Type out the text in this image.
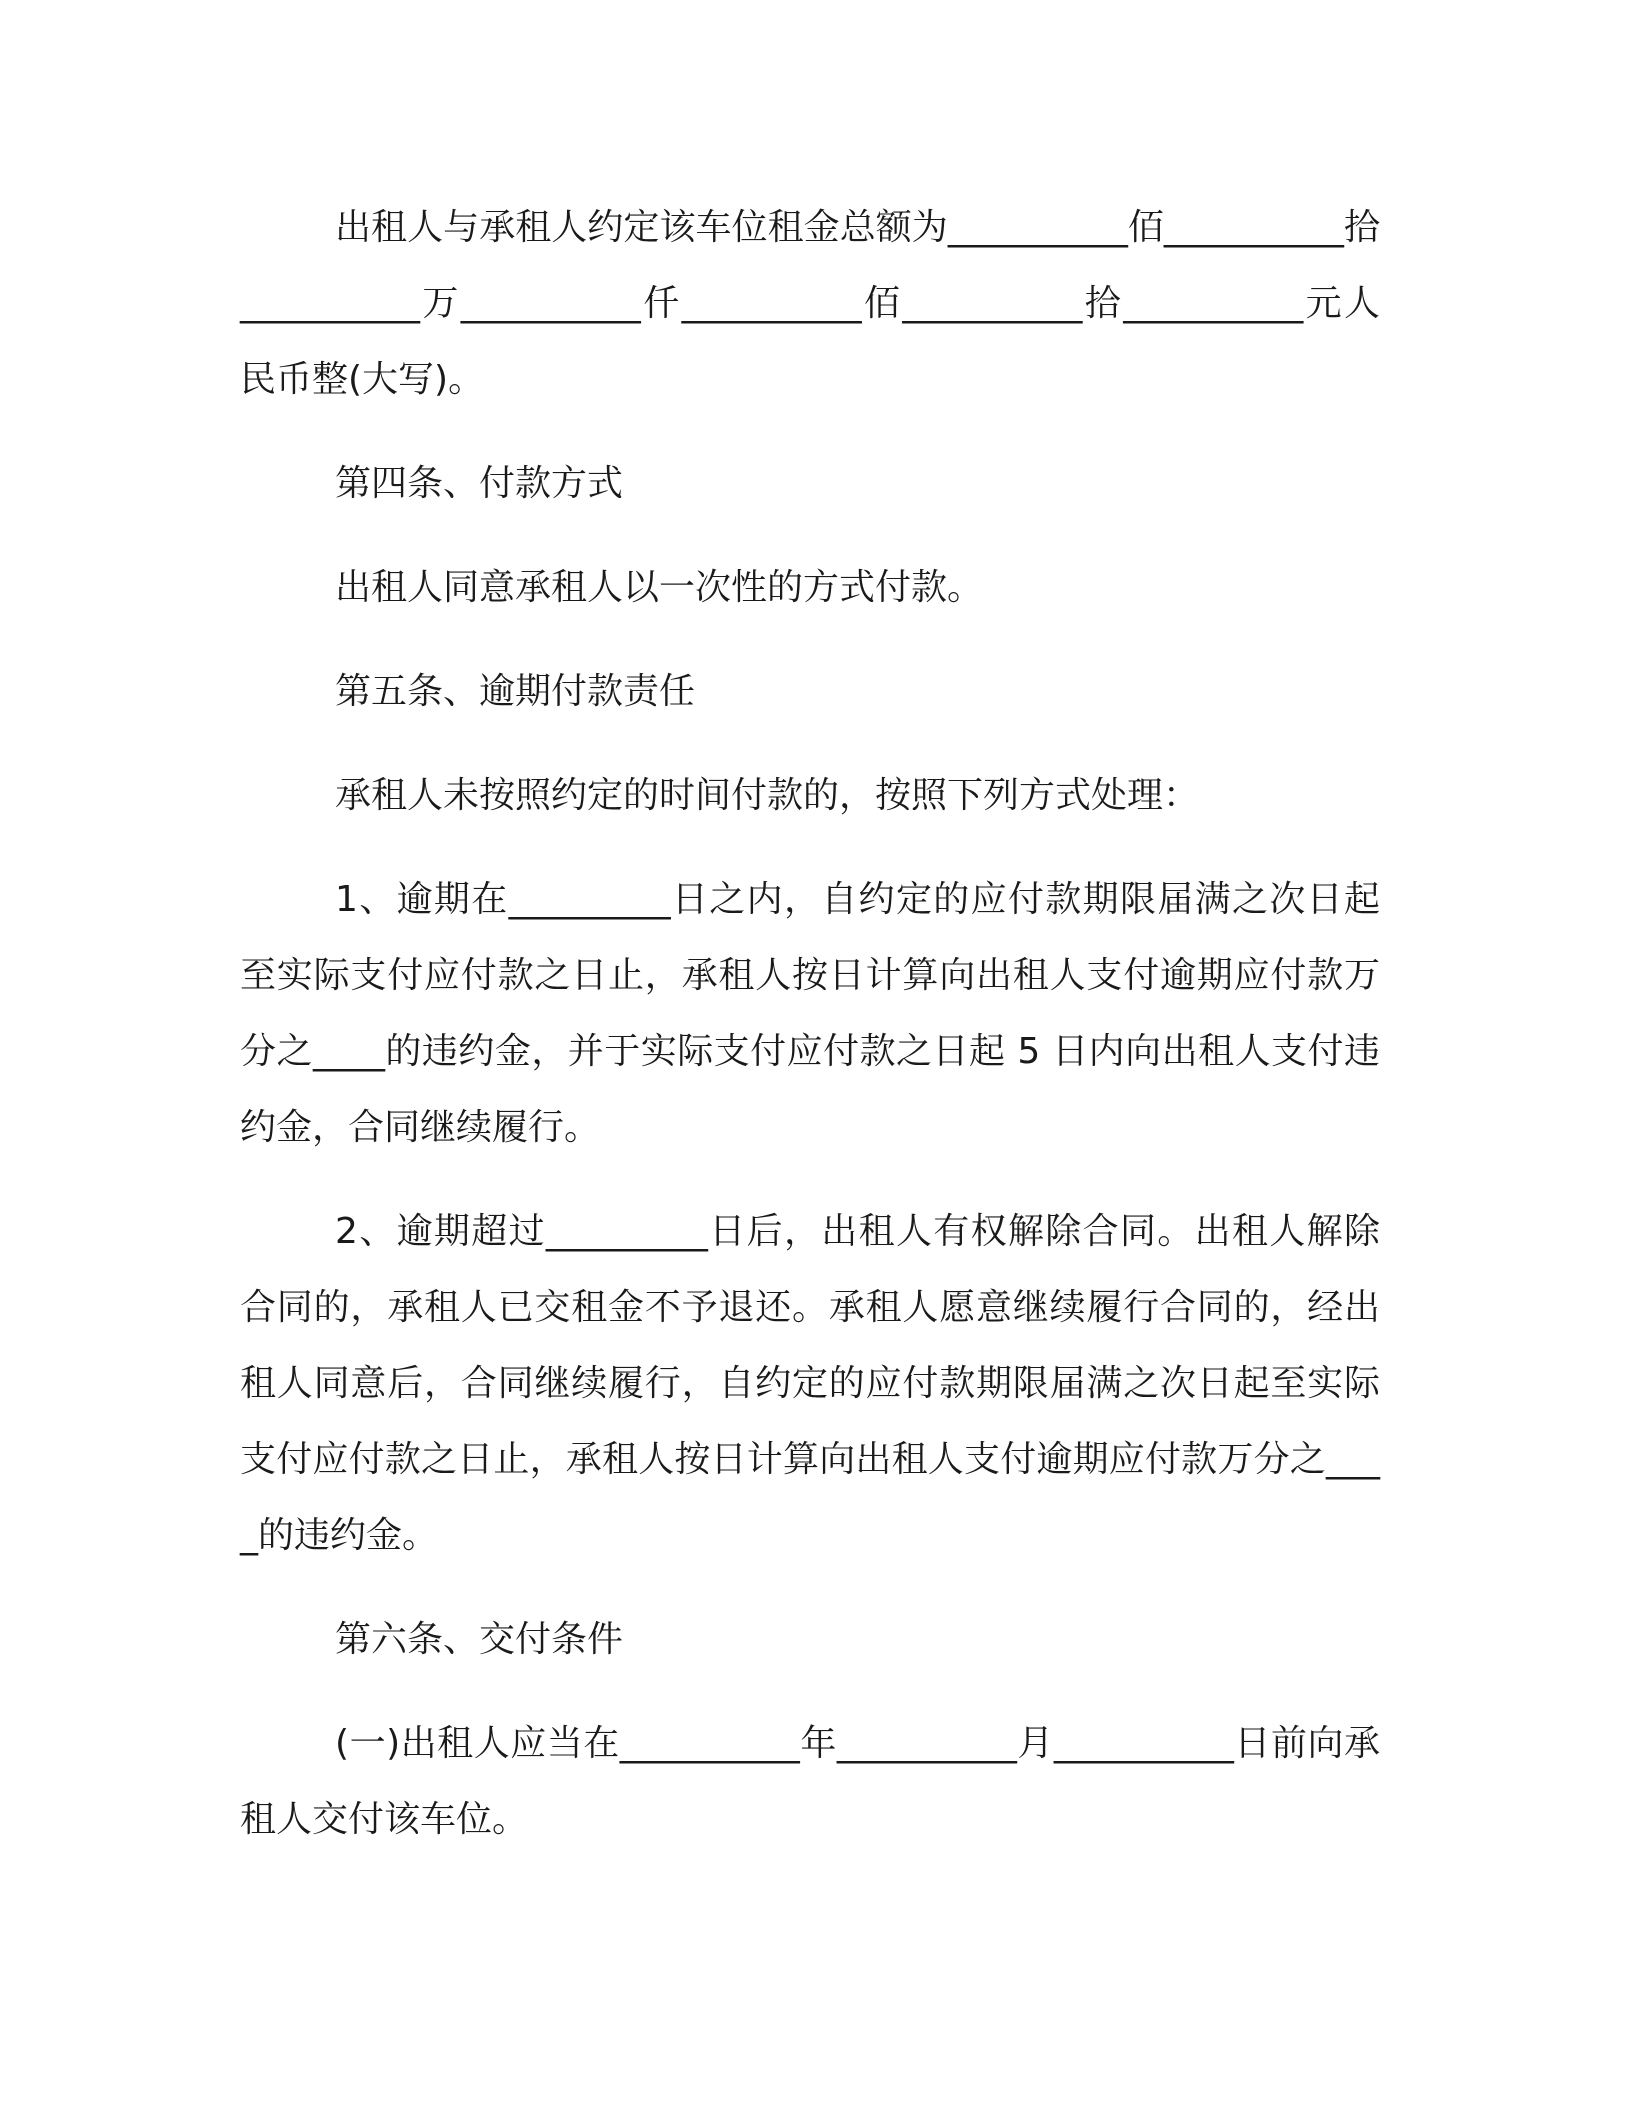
出租人与承租人约定该车位租金总额为__________佰__________拾__________万__________仟__________佰__________拾__________元人民币整(大写)。

第四条、付款方式

出租人同意承租人以一次性的方式付款。

第五条、逾期付款责任

承租人未按照约定的时间付款的，按照下列方式处理：

1、逾期在_________日之内，自约定的应付款期限届满之次日起至实际支付应付款之日止，承租人按日计算向出租人支付逾期应付款万分之____的违约金，并于实际支付应付款之日起 5 日内向出租人支付违约金，合同继续履行。

2、逾期超过_________日后，出租人有权解除合同。出租人解除合同的，承租人已交租金不予退还。承租人愿意继续履行合同的，经出租人同意后，合同继续履行，自约定的应付款期限届满之次日起至实际支付应付款之日止，承租人按日计算向出租人支付逾期应付款万分之____的违约金。

第六条、交付条件

(一)出租人应当在__________年__________月__________日前向承租人交付该车位。
